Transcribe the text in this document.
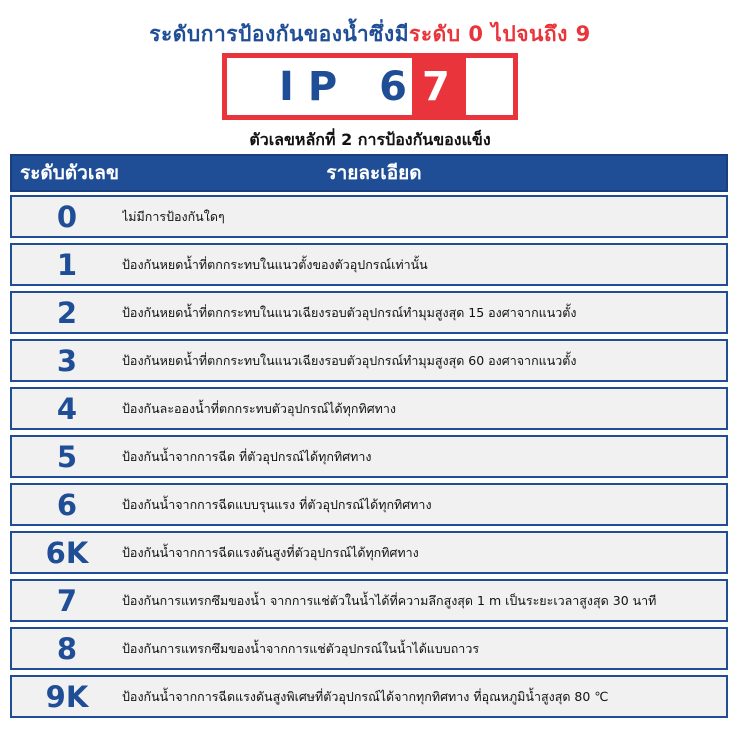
ระดับการป้องกันของน้ำซึ่งมีระดับ 0 ไปจนถึง 9
IP 6 7
ตัวเลขหลักที่ 2 การป้องกันของแข็ง
ระดับตัวเลข	รายละเอียด
0	ไม่มีการป้องกันใดๆ
1	ป้องกันหยดน้ำที่ตกกระทบในแนวตั้งของตัวอุปกรณ์เท่านั้น
2	ป้องกันหยดน้ำที่ตกกระทบในแนวเฉียงรอบตัวอุปกรณ์ทำมุมสูงสุด 15 องศาจากแนวตั้ง
3	ป้องกันหยดน้ำที่ตกกระทบในแนวเฉียงรอบตัวอุปกรณ์ทำมุมสูงสุด 60 องศาจากแนวตั้ง
4	ป้องกันละอองน้ำที่ตกกระทบตัวอุปกรณ์ได้ทุกทิศทาง
5	ป้องกันน้ำจากการฉีด ที่ตัวอุปกรณ์ได้ทุกทิศทาง
6	ป้องกันน้ำจากการฉีดแบบรุนแรง ที่ตัวอุปกรณ์ได้ทุกทิศทาง
6K	ป้องกันน้ำจากการฉีดแรงดันสูงที่ตัวอุปกรณ์ได้ทุกทิศทาง
7	ป้องกันการแทรกซึมของน้ำ จากการแช่ตัวในน้ำได้ที่ความลึกสูงสุด 1 m เป็นระยะเวลาสูงสุด 30 นาที
8	ป้องกันการแทรกซึมของน้ำจากการแช่ตัวอุปกรณ์ในน้ำได้แบบถาวร
9K	ป้องกันน้ำจากการฉีดแรงดันสูงพิเศษที่ตัวอุปกรณ์ได้จากทุกทิศทาง ที่อุณหภูมิน้ำสูงสุด 80 ℃
